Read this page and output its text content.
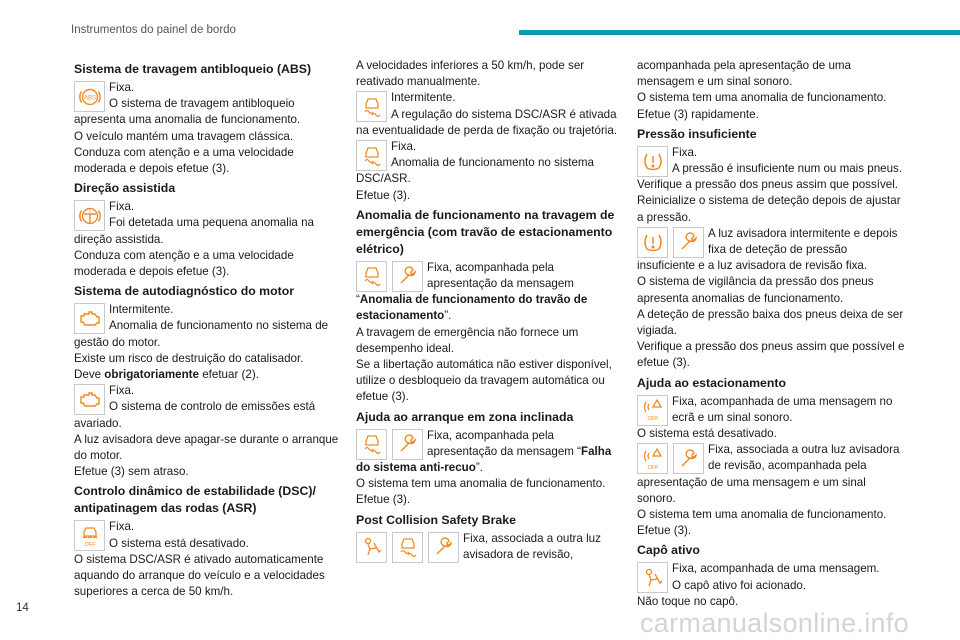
Instrumentos do painel de bordo
Sistema de travagem antibloqueio (ABS)

Fixa.

O sistema de travagem antibloqueio

apresenta uma anomalia de funcionamento.
O veículo mantém uma travagem clássica.
Conduza com atenção e a uma velocidade moderada e depois efetue (3).

Direção assistida

Fixa.

Foi detetada uma pequena anomalia na

direção assistida.
Conduza com atenção e a uma velocidade moderada e depois efetue (3).

Sistema de autodiagnóstico do motor

Intermitente.

Anomalia de funcionamento no sistema de

gestão do motor.
Existe um risco de destruição do catalisador.

Deve obrigatoriamente efetuar (2).

Fixa.

O sistema de controlo de emissões está

avariado.
A luz avisadora deve apagar-se durante o arranque do motor.
Efetue (3) sem atraso.

Controlo dinâmico de estabilidade (DSC)/ antipatinagem das rodas (ASR)

Fixa.

O sistema está desativado.

O sistema DSC/ASR é ativado automaticamente aquando do arranque do veículo e a velocidades superiores a cerca de 50 km/h.

A velocidades inferiores a 50 km/h, pode ser reativado manualmente.

Intermitente.

A regulação do sistema DSC/ASR é ativada

na eventualidade de perda de fixação ou trajetória.

Fixa.

Anomalia de funcionamento no sistema

DSC/ASR.
Efetue (3).

Anomalia de funcionamento na travagem de emergência (com travão de estacionamento elétrico)

Fixa, acompanhada pela

apresentação da mensagem

“Anomalia de funcionamento do travão de estacionamento”.

A travagem de emergência não fornece um desempenho ideal.
Se a libertação automática não estiver disponível, utilize o desbloqueio da travagem automática ou efetue (3).

Ajuda ao arranque em zona inclinada

Fixa, acompanhada pela

apresentação da mensagem “Falha

do sistema anti-recuo”.

O sistema tem uma anomalia de funcionamento.
Efetue (3).

Post Collision Safety Brake

Fixa, associada a outra luz

avisadora de revisão,

acompanhada pela apresentação de uma mensagem e um sinal sonoro.
O sistema tem uma anomalia de funcionamento.
Efetue (3) rapidamente.

Pressão insuficiente

Fixa.

A pressão é insuficiente num ou mais pneus.

Verifique a pressão dos pneus assim que possível.
Reinicialize o sistema de deteção depois de ajustar a pressão.

A luz avisadora intermitente e depois

fixa de deteção de pressão

insuficiente e a luz avisadora de revisão fixa.
O sistema de vigilância da pressão dos pneus apresenta anomalias de funcionamento.
A deteção de pressão baixa dos pneus deixa de ser vigiada.
Verifique a pressão dos pneus assim que possível e efetue (3).

Ajuda ao estacionamento

Fixa, acompanhada de uma mensagem no

ecrã e um sinal sonoro.

O sistema está desativado.

Fixa, associada a outra luz avisadora

de revisão, acompanhada pela

apresentação de uma mensagem e um sinal sonoro.
O sistema tem uma anomalia de funcionamento.
Efetue (3).

Capô ativo

Fixa, acompanhada de uma mensagem.

O capô ativo foi acionado.

Não toque no capô.

14	carmanualsonline.info
